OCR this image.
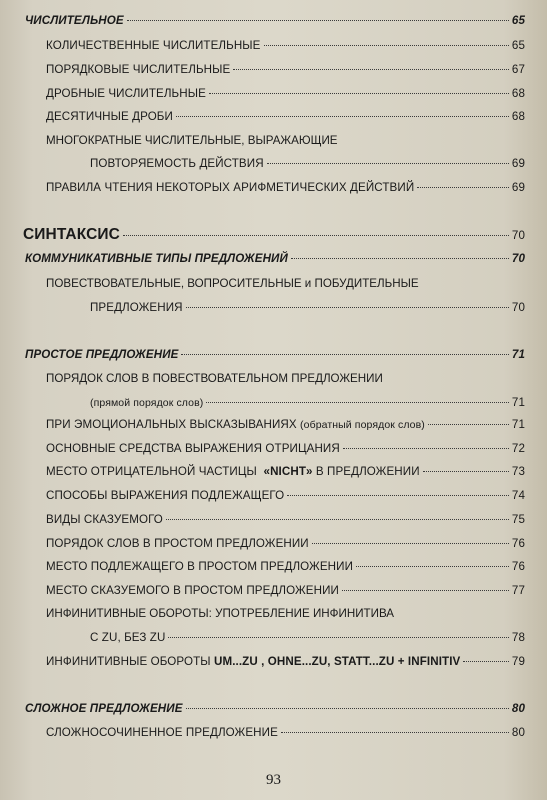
ЧИСЛИТЕЛЬНОЕ	65
КОЛИЧЕСТВЕННЫЕ ЧИСЛИТЕЛЬНЫЕ	65
ПОРЯДКОВЫЕ ЧИСЛИТЕЛЬНЫЕ	67
ДРОБНЫЕ ЧИСЛИТЕЛЬНЫЕ	68
ДЕСЯТИЧНЫЕ ДРОБИ	68
МНОГОКРАТНЫЕ ЧИСЛИТЕЛЬНЫЕ, ВЫРАЖАЮЩИЕ
ПОВТОРЯЕМОСТЬ ДЕЙСТВИЯ	69
ПРАВИЛА ЧТЕНИЯ НЕКОТОРЫХ АРИФМЕТИЧЕСКИХ ДЕЙСТВИЙ	69
СИНТАКСИС	70
КОММУНИКАТИВНЫЕ ТИПЫ ПРЕДЛОЖЕНИЙ	70
ПОВЕСТВОВАТЕЛЬНЫЕ, ВОПРОСИТЕЛЬНЫЕ и ПОБУДИТЕЛЬНЫЕ
ПРЕДЛОЖЕНИЯ	70
ПРОСТОЕ ПРЕДЛОЖЕНИЕ	71
ПОРЯДОК СЛОВ В ПОВЕСТВОВАТЕЛЬНОМ ПРЕДЛОЖЕНИИ
(прямой порядок слов)	71
ПРИ ЭМОЦИОНАЛЬНЫХ ВЫСКАЗЫВАНИЯХ
(обратный порядок слов)	71
ОСНОВНЫЕ СРЕДСТВА ВЫРАЖЕНИЯ ОТРИЦАНИЯ	72
МЕСТО ОТРИЦАТЕЛЬНОЙ ЧАСТИЦЫ
«NICHT»
В ПРЕДЛОЖЕНИИ	73
СПОСОБЫ ВЫРАЖЕНИЯ ПОДЛЕЖАЩЕГО	74
ВИДЫ СКАЗУЕМОГО	75
ПОРЯДОК СЛОВ В ПРОСТОМ ПРЕДЛОЖЕНИИ	76
МЕСТО ПОДЛЕЖАЩЕГО В ПРОСТОМ ПРЕДЛОЖЕНИИ	76
МЕСТО СКАЗУЕМОГО В ПРОСТОМ ПРЕДЛОЖЕНИИ	77
ИНФИНИТИВНЫЕ ОБОРОТЫ: УПОТРЕБЛЕНИЕ ИНФИНИТИВА
С ZU, БЕЗ ZU	78
ИНФИНИТИВНЫЕ ОБОРОТЫ
UM...ZU , OHNE...ZU, STATT...ZU + INFINITIV	79
СЛОЖНОЕ ПРЕДЛОЖЕНИЕ	80
СЛОЖНОСОЧИНЕННОЕ ПРЕДЛОЖЕНИЕ	80
93
